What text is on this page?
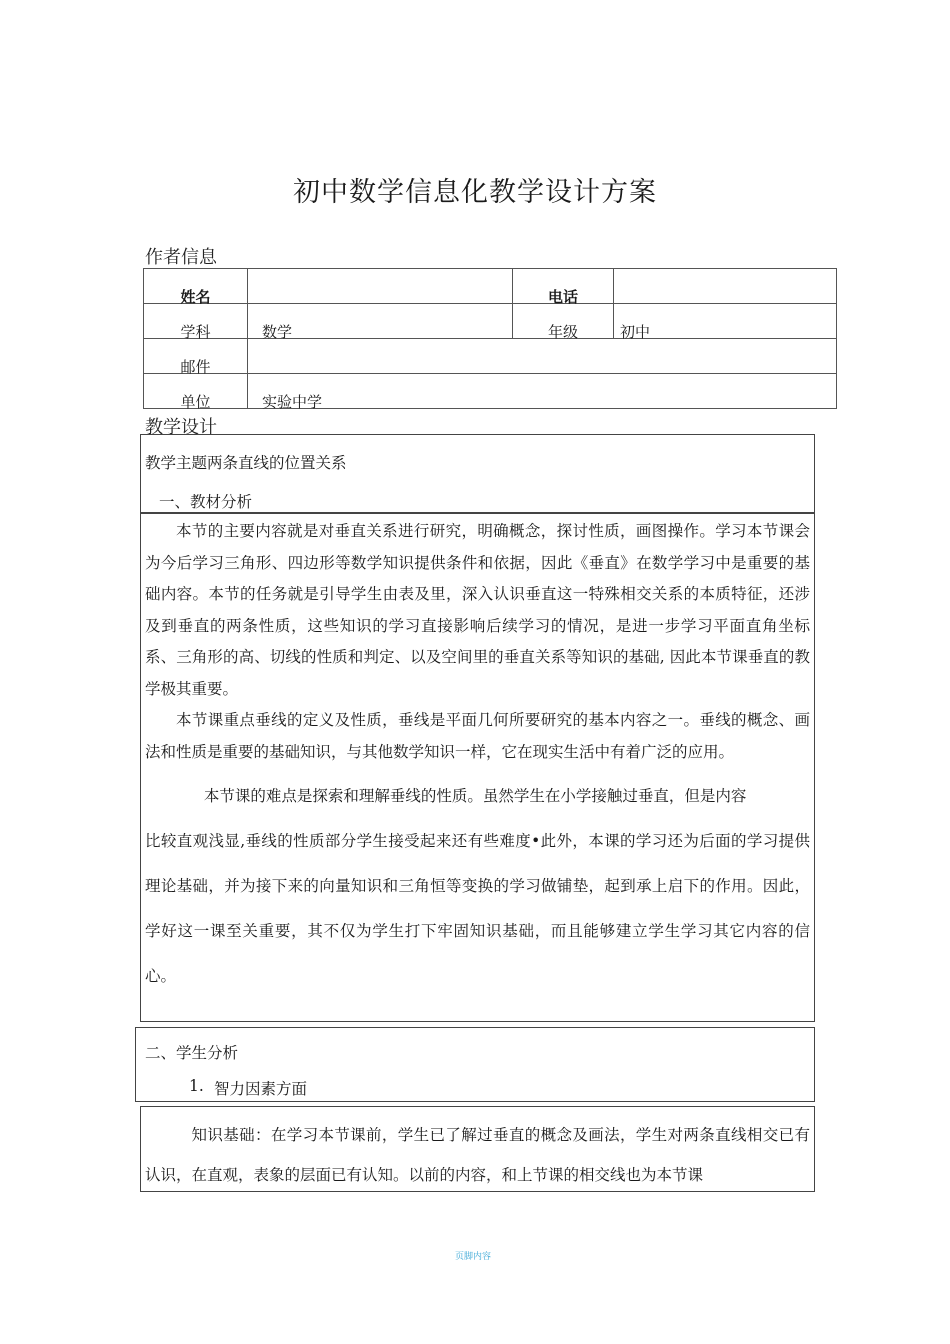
初中数学信息化教学设计方案
作者信息
姓名		电话	

学科	数学	年级	初中

邮件			

单位	实验中学		
教学设计
教学主题两条直线的位置关系
一、教材分析

本节的主要内容就是对垂直关系进行研究，明确概念，探讨性质，画图操作。学习本节课会为今后学习三角形、四边形等数学知识提供条件和依据，因此《垂直》在数学学习中是重要的基础内容。本节的任务就是引导学生由表及里，深入认识垂直这一特殊相交关系的本质特征，还涉及到垂直的两条性质，这些知识的学习直接影响后续学习的情况，是进一步学习平面直角坐标系、三角形的高、切线的性质和判定、以及空间里的垂直关系等知识的基础, 因此本节课垂直的教学极其重要。

本节课重点垂线的定义及性质，垂线是平面几何所要研究的基本内容之一。垂线的概念、画法和性质是重要的基础知识，与其他数学知识一样，它在现实生活中有着广泛的应用。

本节课的难点是探索和理解垂线的性质。虽然学生在小学接触过垂直，但是内容

比较直观浅显,垂线的性质部分学生接受起来还有些难度•此外，本课的学习还为后面的学习提供理论基础，并为接下来的向量知识和三角恒等变换的学习做铺垫，起到承上启下的作用。因此，学好这一课至关重要，其不仅为学生打下牢固知识基础，而且能够建立学生学习其它内容的信心。

二、学生分析
1. 智力因素方面

知识基础：在学习本节课前，学生已了解过垂直的概念及画法，学生对两条直线相交已有认识，在直观，表象的层面已有认知。以前的内容，和上节课的相交线也为本节课

页脚内容
